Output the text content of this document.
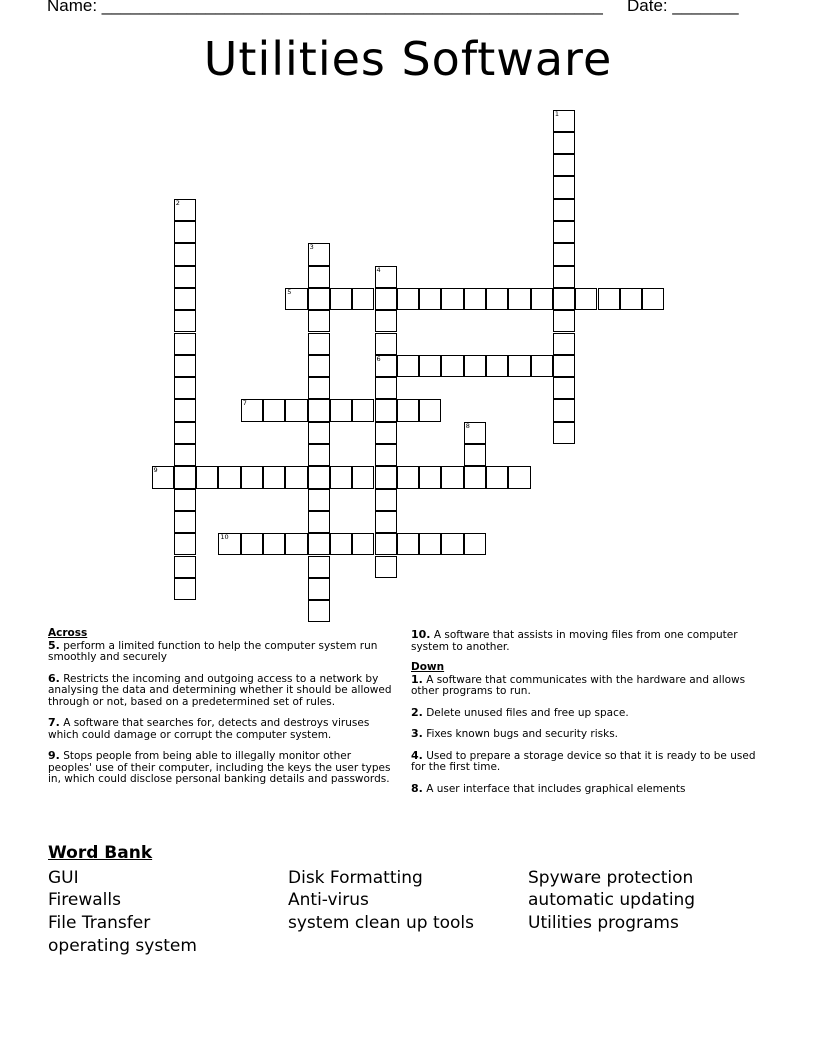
Name: _____________________________________________________ Date: _______
Utilities Software
1
2
3
4
6
5
7
8
9
10
Across
5. perform a limited function to help the computer system run smoothly and securely
6. Restricts the incoming and outgoing access to a network by analysing the data and determining whether it should be allowed through or not, based on a predetermined set of rules.
7. A software that searches for, detects and destroys viruses which could damage or corrupt the computer system.
9. Stops people from being able to illegally monitor other peoples' use of their computer, including the keys the user types in, which could disclose personal banking details and passwords.
10. A software that assists in moving files from one computer system to another.
Down
1. A software that communicates with the hardware and allows other programs to run.
2. Delete unused files and free up space.
3. Fixes known bugs and security risks.
4. Used to prepare a storage device so that it is ready to be used for the first time.
8. A user interface that includes graphical elements
Word Bank
GUI	Disk Formatting	Spyware protection
Firewalls	Anti-virus	automatic updating
File Transfer	system clean up tools	Utilities programs
operating system
